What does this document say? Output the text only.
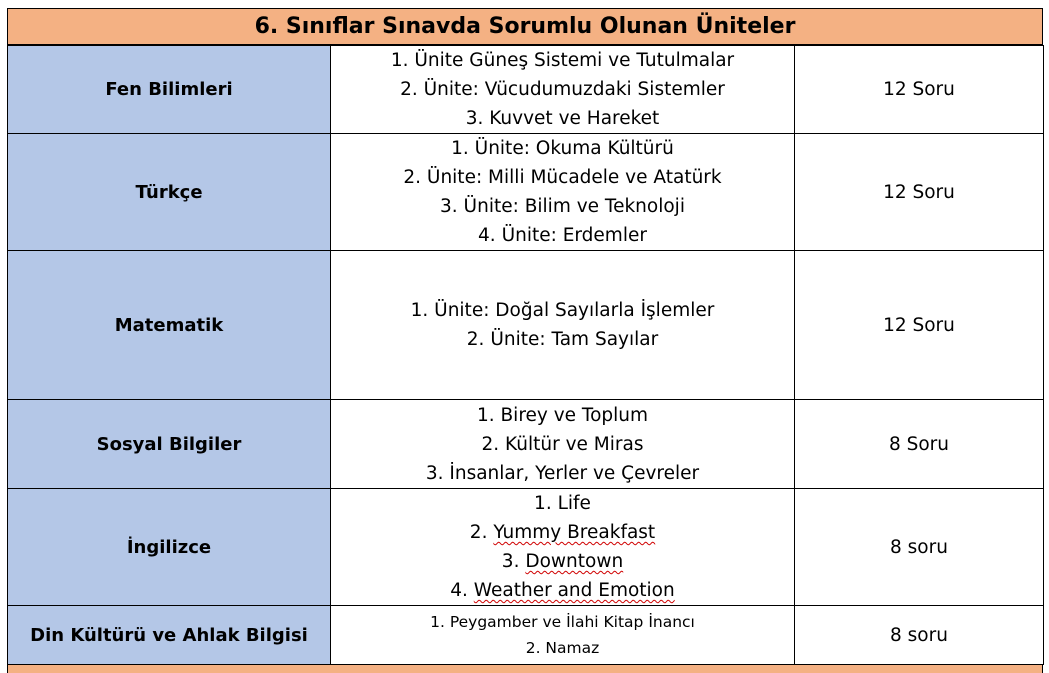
6. Sınıflar Sınavda Sorumlu Olunan Üniteler
Fen Bilimleri	1. Ünite Güneş Sistemi ve Tutulmalar
2. Ünite: Vücudumuzdaki Sistemler
3. Kuvvet ve Hareket	12 Soru
Türkçe	1. Ünite: Okuma Kültürü
2. Ünite: Milli Mücadele ve Atatürk
3. Ünite: Bilim ve Teknoloji
4. Ünite: Erdemler	12 Soru
Matematik	1. Ünite: Doğal Sayılarla İşlemler
2. Ünite: Tam Sayılar	12 Soru
Sosyal Bilgiler	1. Birey ve Toplum
2. Kültür ve Miras
3. İnsanlar, Yerler ve Çevreler	8 Soru
İngilizce	1. Life
2. Yummy Breakfast
3. Downtown
4. Weather and Emotion	8 soru
Din Kültürü ve Ahlak Bilgisi	1. Peygamber ve İlahi Kitap İnancı
2. Namaz	8 soru
